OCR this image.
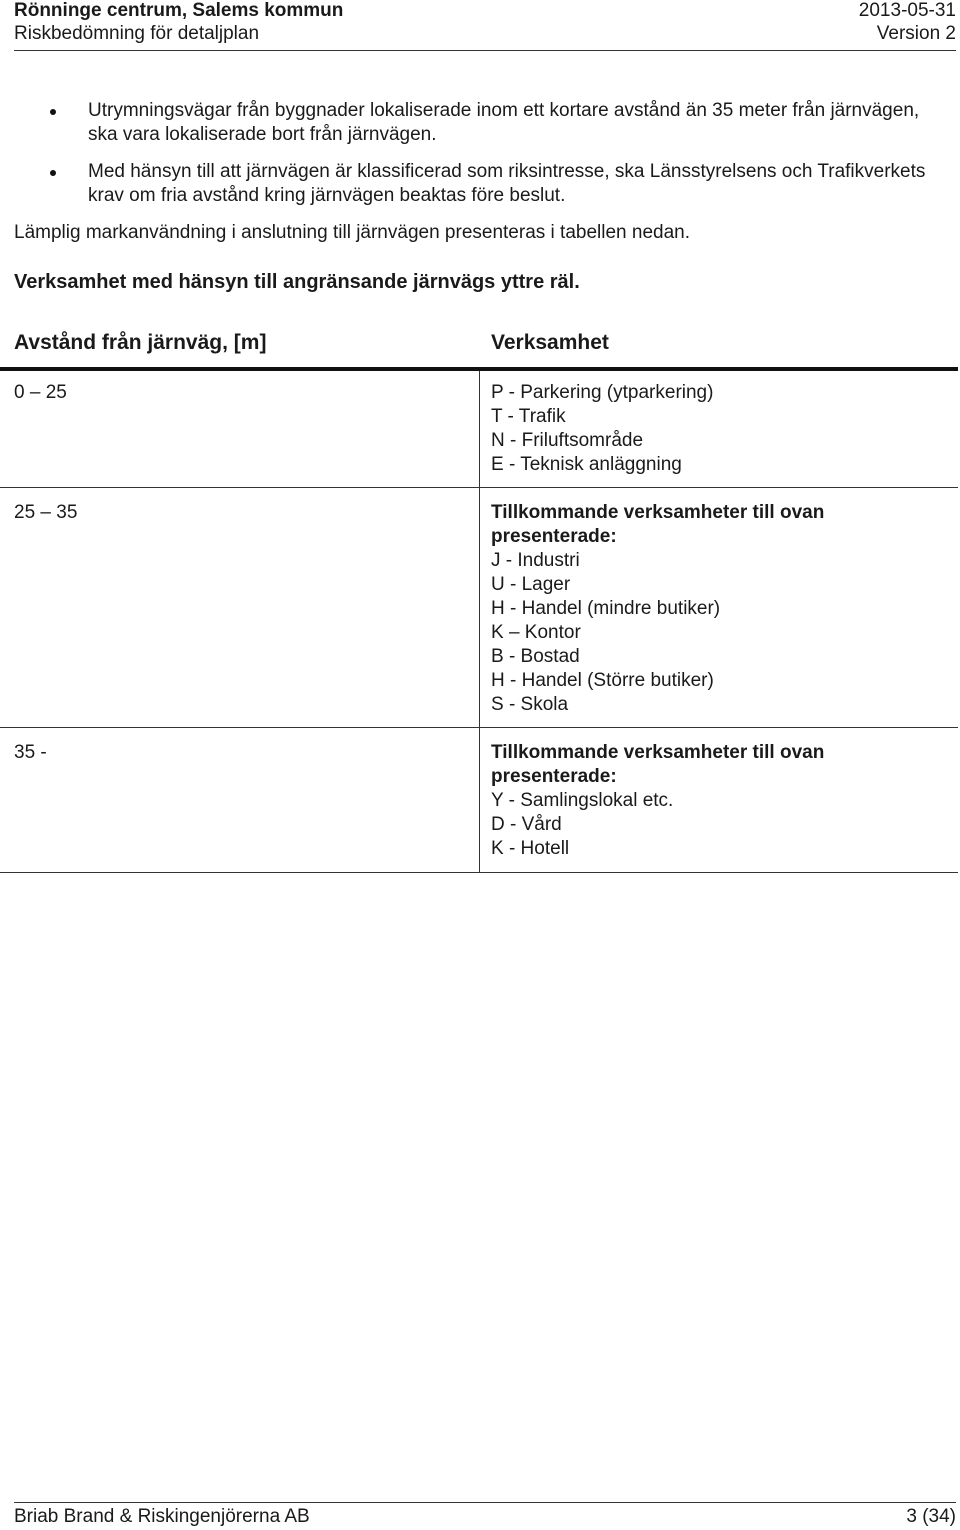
Rönninge centrum, Salems kommun	2013-05-31
Riskbedömning för detaljplan	Version 2
Utrymningsvägar från byggnader lokaliserade inom ett kortare avstånd än 35 meter från järnvägen, ska vara lokaliserade bort från järnvägen.
Med hänsyn till att järnvägen är klassificerad som riksintresse, ska Länsstyrelsens och Trafikverkets krav om fria avstånd kring järnvägen beaktas före beslut.
Lämplig markanvändning i anslutning till järnvägen presenteras i tabellen nedan.
Verksamhet med hänsyn till angränsande järnvägs yttre räl.
Avstånd från järnväg, [m]	Verksamhet
0 – 25	P - Parkering (ytparkering)
T - Trafik
N - Friluftsområde
E - Teknisk anläggning
25 – 35	Tillkommande verksamheter till ovan
presenterade:
J - Industri
U - Lager
H - Handel (mindre butiker)
K – Kontor
B - Bostad
H - Handel (Större butiker)
S - Skola
35 -	Tillkommande verksamheter till ovan
presenterade:
Y - Samlingslokal etc.
D - Vård
K - Hotell
Briab Brand & Riskingenjörerna AB	3 (34)
